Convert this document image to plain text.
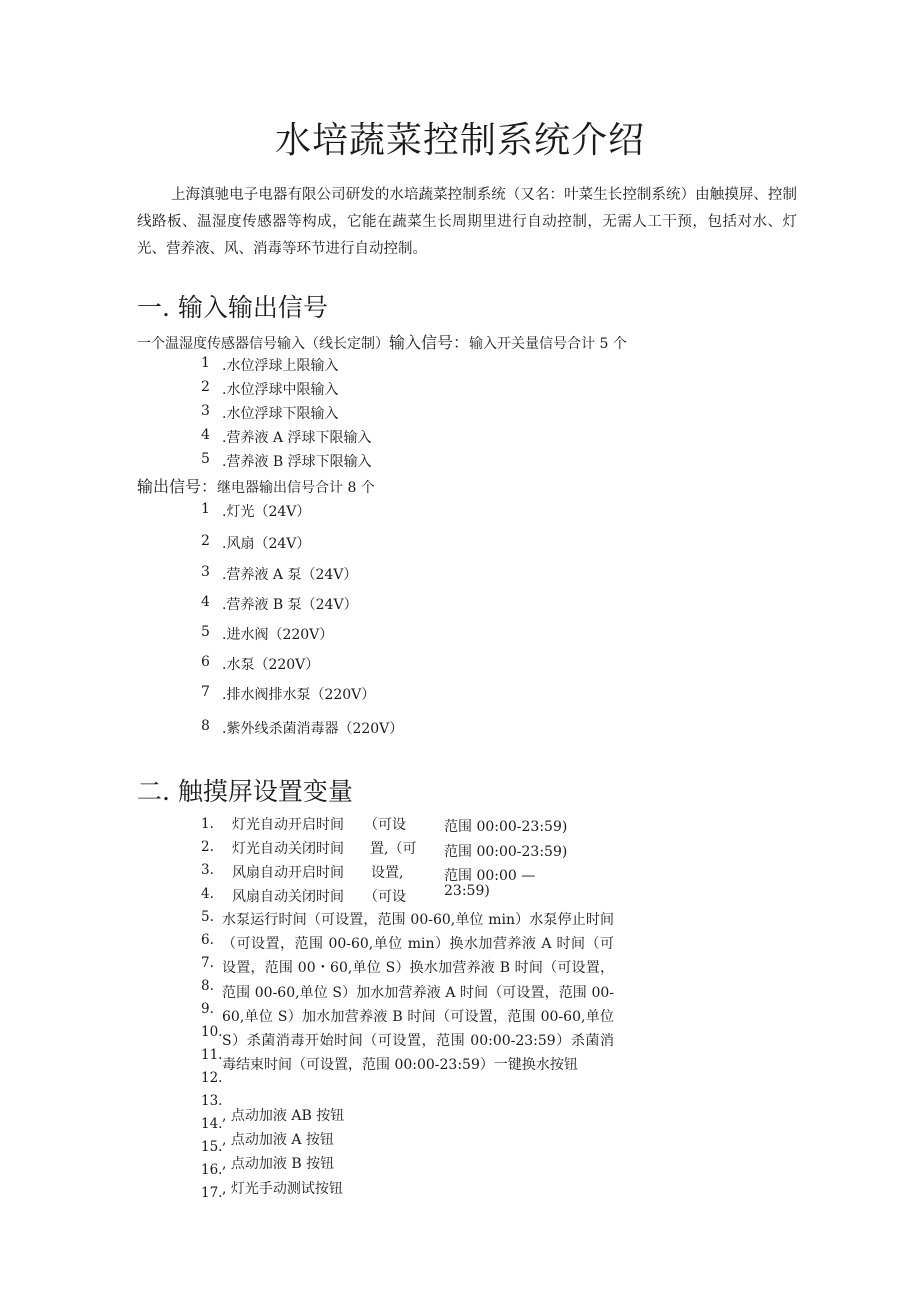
水培蔬菜控制系统介绍
上海滇驰电子电器有限公司研发的水培蔬菜控制系统（又名：叶菜生长控制系统）由触摸屏、控制线路板、温湿度传感器等构成，它能在蔬菜生长周期里进行自动控制，无需人工干预，包括对水、灯光、营养液、风、消毒等环节进行自动控制。
一. 输入输出信号
一个温湿度传感器信号输入（线长定制）输入信号：输入开关量信号合计 5 个
1 .水位浮球上限输入
2 .水位浮球中限输入
3 .水位浮球下限输入
4 .营养液 A 浮球下限输入
5 .营养液 B 浮球下限输入
输出信号：继电器输出信号合计 8 个
1 .灯光（24V）
2 .风扇（24V）
3 .营养液 A 泵（24V）
4 .营养液 B 泵（24V）
5 .进水阀（220V）
6 .水泵（220V）
7 .排水阀排水泵（220V）
8 .紫外线杀菌消毒器（220V）
二. 触摸屏设置变量
1.
2.
3.
4.
5.
6.
7.
8.
9.
10.
11.
12.
13.
14.
15.
16.
17.
灯光自动开启时间
灯光自动关闭时间
风扇自动开启时间
风扇自动关闭时间
（可设
置,（可
设置,
（可设
范围 00:00-23:59)
范围 00:00-23:59)
范围 00:00 —
23:59)
水泵运行时间（可设置，范围 00-60,单位 min）水泵停止时间（可设置，范围 00-60,单位 min）换水加营养液 A 时间（可设置，范围 00・60,单位 S）换水加营养液 B 时间（可设置，范围 00-60,单位 S）加水加营养液 A 时间（可设置，范围 00-60,单位 S）加水加营养液 B 时间（可设置，范围 00-60,单位 S）杀菌消毒开始时间（可设置，范围 00:00-23:59）杀菌消毒结束时间（可设置，范围 00:00-23:59）一键换水按钮
, 点动加液 AB 按钮
, 点动加液 A 按钮
, 点动加液 B 按钮
, 灯光手动测试按钮
